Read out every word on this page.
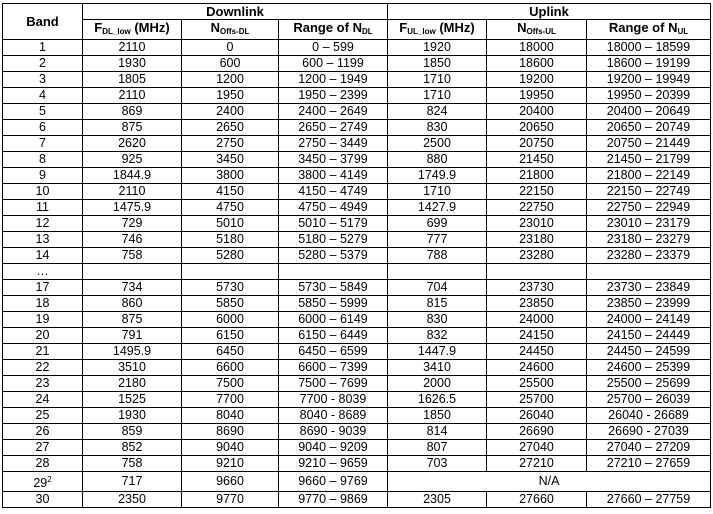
Band	Downlink			Uplink		
	$F_{DL\_low}$ (MHz)	$N_{Offs-DL}$	Range of $N_{DL}$	$F_{UL\_low}$ (MHz)	$N_{Offs-UL}$	Range of $N_{UL}$
1	2110	0	0 – 599	1920	18000	18000 – 18599
2	1930	600	600 – 1199	1850	18600	18600 – 19199
3	1805	1200	1200 – 1949	1710	19200	19200 – 19949
4	2110	1950	1950 – 2399	1710	19950	19950 – 20399
5	869	2400	2400 – 2649	824	20400	20400 – 20649
6	875	2650	2650 – 2749	830	20650	20650 – 20749
7	2620	2750	2750 – 3449	2500	20750	20750 – 21449
8	925	3450	3450 – 3799	880	21450	21450 – 21799
9	1844.9	3800	3800 – 4149	1749.9	21800	21800 – 22149
10	2110	4150	4150 – 4749	1710	22150	22150 – 22749
11	1475.9	4750	4750 – 4949	1427.9	22750	22750 – 22949
12	729	5010	5010 – 5179	699	23010	23010 – 23179
13	746	5180	5180 – 5279	777	23180	23180 – 23279
14	758	5280	5280 – 5379	788	23280	23280 – 23379
…						
17	734	5730	5730 – 5849	704	23730	23730 – 23849
18	860	5850	5850 – 5999	815	23850	23850 – 23999
19	875	6000	6000 – 6149	830	24000	24000 – 24149
20	791	6150	6150 – 6449	832	24150	24150 – 24449
21	1495.9	6450	6450 – 6599	1447.9	24450	24450 – 24599
22	3510	6600	6600 – 7399	3410	24600	24600 – 25399
23	2180	7500	7500 – 7699	2000	25500	25500 – 25699
24	1525	7700	7700 - 8039	1626.5	25700	25700 – 26039
25	1930	8040	8040 - 8689	1850	26040	26040 - 26689
26	859	8690	8690 - 9039	814	26690	26690 - 27039
27	852	9040	9040 – 9209	807	27040	27040 – 27209
28	758	9210	9210 – 9659	703	27210	27210 – 27659
$29^2$	717	9660	9660 – 9769	N/A		
30	2350	9770	9770 – 9869	2305	27660	27660 – 27759
